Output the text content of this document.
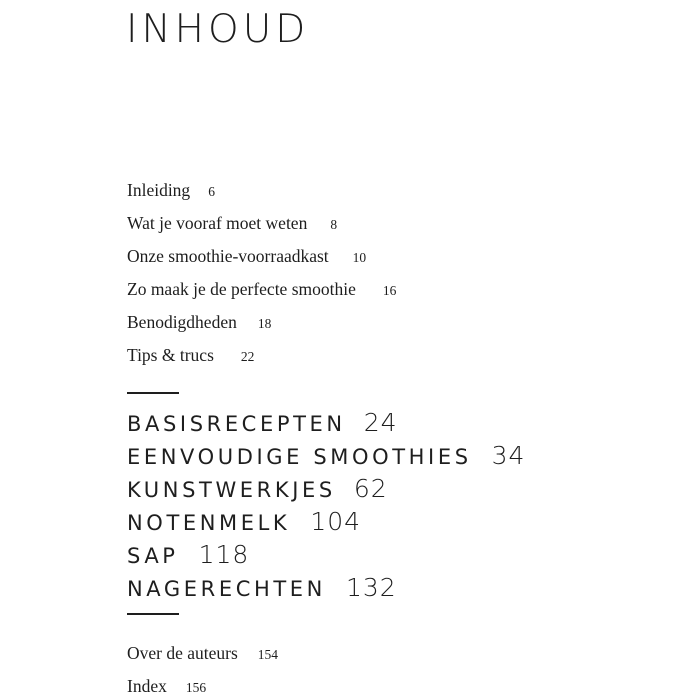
INHOUD
Inleiding 6
Wat je vooraf moet weten 8
Onze smoothie-voorraadkast 10
Zo maak je de perfecte smoothie 16
Benodigdheden 18
Tips & trucs 22
BASISRECEPTEN 24
EENVOUDIGE SMOOTHIES 34
KUNSTWERKJES 62
NOTENMELK 104
SAP 118
NAGERECHTEN 132
Over de auteurs 154
Index 156
